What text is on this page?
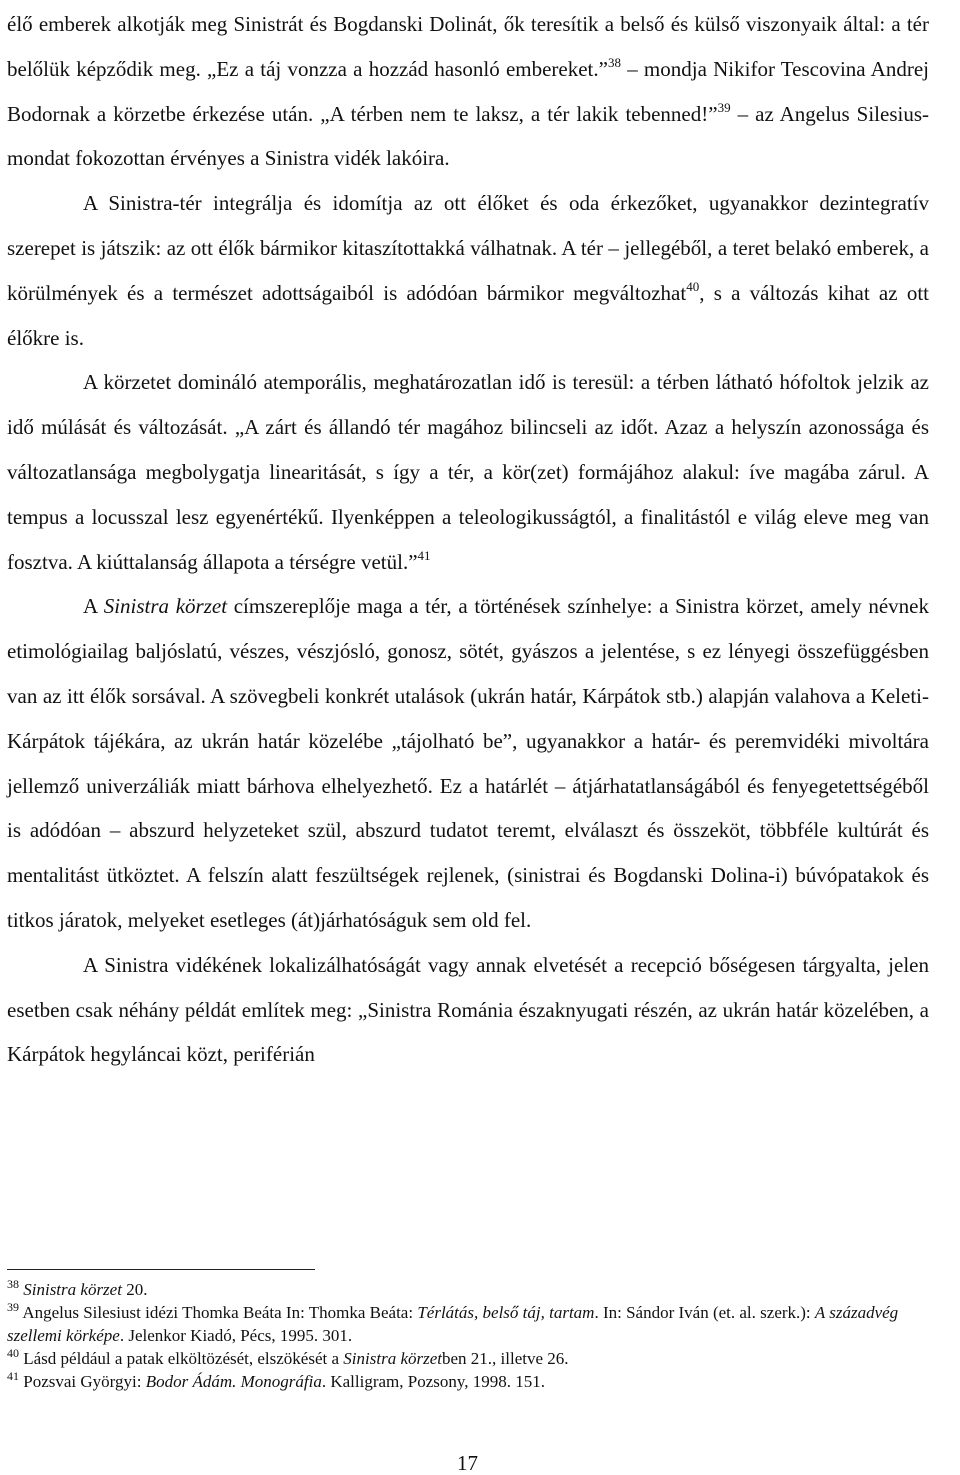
élő emberek alkotják meg Sinistrát és Bogdanski Dolinát, ők teresítik a belső és külső viszonyaik által: a tér belőlük képződik meg. „Ez a táj vonzza a hozzád hasonló embereket.”$^{38}$ – mondja Nikifor Tescovina Andrej Bodornak a körzetbe érkezése után. „A térben nem te laksz, a tér lakik tebenned!”$^{39}$ – az Angelus Silesius-mondat fokozottan érvényes a Sinistra vidék lakóira.

A Sinistra-tér integrálja és idomítja az ott élőket és oda érkezőket, ugyanakkor dezintegratív szerepet is játszik: az ott élők bármikor kitaszítottakká válhatnak. A tér – jellegéből, a teret belakó emberek, a körülmények és a természet adottságaiból is adódóan bármikor megváltozhat$^{40}$, s a változás kihat az ott élőkre is.

A körzetet domináló atemporális, meghatározatlan idő is teresül: a térben látható hófoltok jelzik az idő múlását és változását. „A zárt és állandó tér magához bilincseli az időt. Azaz a helyszín azonossága és változatlansága megbolygatja linearitását, s így a tér, a kör(zet) formájához alakul: íve magába zárul. A tempus a locusszal lesz egyenértékű. Ilyenképpen a teleologikusságtól, a finalitástól e világ eleve meg van fosztva. A kiúttalanság állapota a térségre vetül.”$^{41}$

A Sinistra körzet címszereplője maga a tér, a történések színhelye: a Sinistra körzet, amely névnek etimológiailag baljóslatú, vészes, vészjósló, gonosz, sötét, gyászos a jelentése, s ez lényegi összefüggésben van az itt élők sorsával. A szövegbeli konkrét utalások (ukrán határ, Kárpátok stb.) alapján valahova a Keleti-Kárpátok tájékára, az ukrán határ közelébe „tájolható be”, ugyanakkor a határ- és peremvidéki mivoltára jellemző univerzáliák miatt bárhova elhelyezhető. Ez a határlét – átjárhatatlanságából és fenyegetettségéből is adódóan – abszurd helyzeteket szül, abszurd tudatot teremt, elválaszt és összeköt, többféle kultúrát és mentalitást ütköztet. A felszín alatt feszültségek rejlenek, (sinistrai és Bogdanski Dolina-i) búvópatakok és titkos járatok, melyeket esetleges (át)járhatóságuk sem old fel.

A Sinistra vidékének lokalizálhatóságát vagy annak elvetését a recepció bőségesen tárgyalta, jelen esetben csak néhány példát említek meg: „Sinistra Románia északnyugati részén, az ukrán határ közelében, a Kárpátok hegyláncai közt, periférián

$^{38}$ Sinistra körzet 20.

$^{39}$ Angelus Silesiust idézi Thomka Beáta In: Thomka Beáta: Térlátás, belső táj, tartam. In: Sándor Iván (et. al. szerk.): A századvég szellemi körképe. Jelenkor Kiadó, Pécs, 1995. 301.

$^{40}$ Lásd például a patak elköltözését, elszökését a Sinistra körzetben 21., illetve 26.

$^{41}$ Pozsvai Györgyi: Bodor Ádám. Monográfia. Kalligram, Pozsony, 1998. 151.

17
